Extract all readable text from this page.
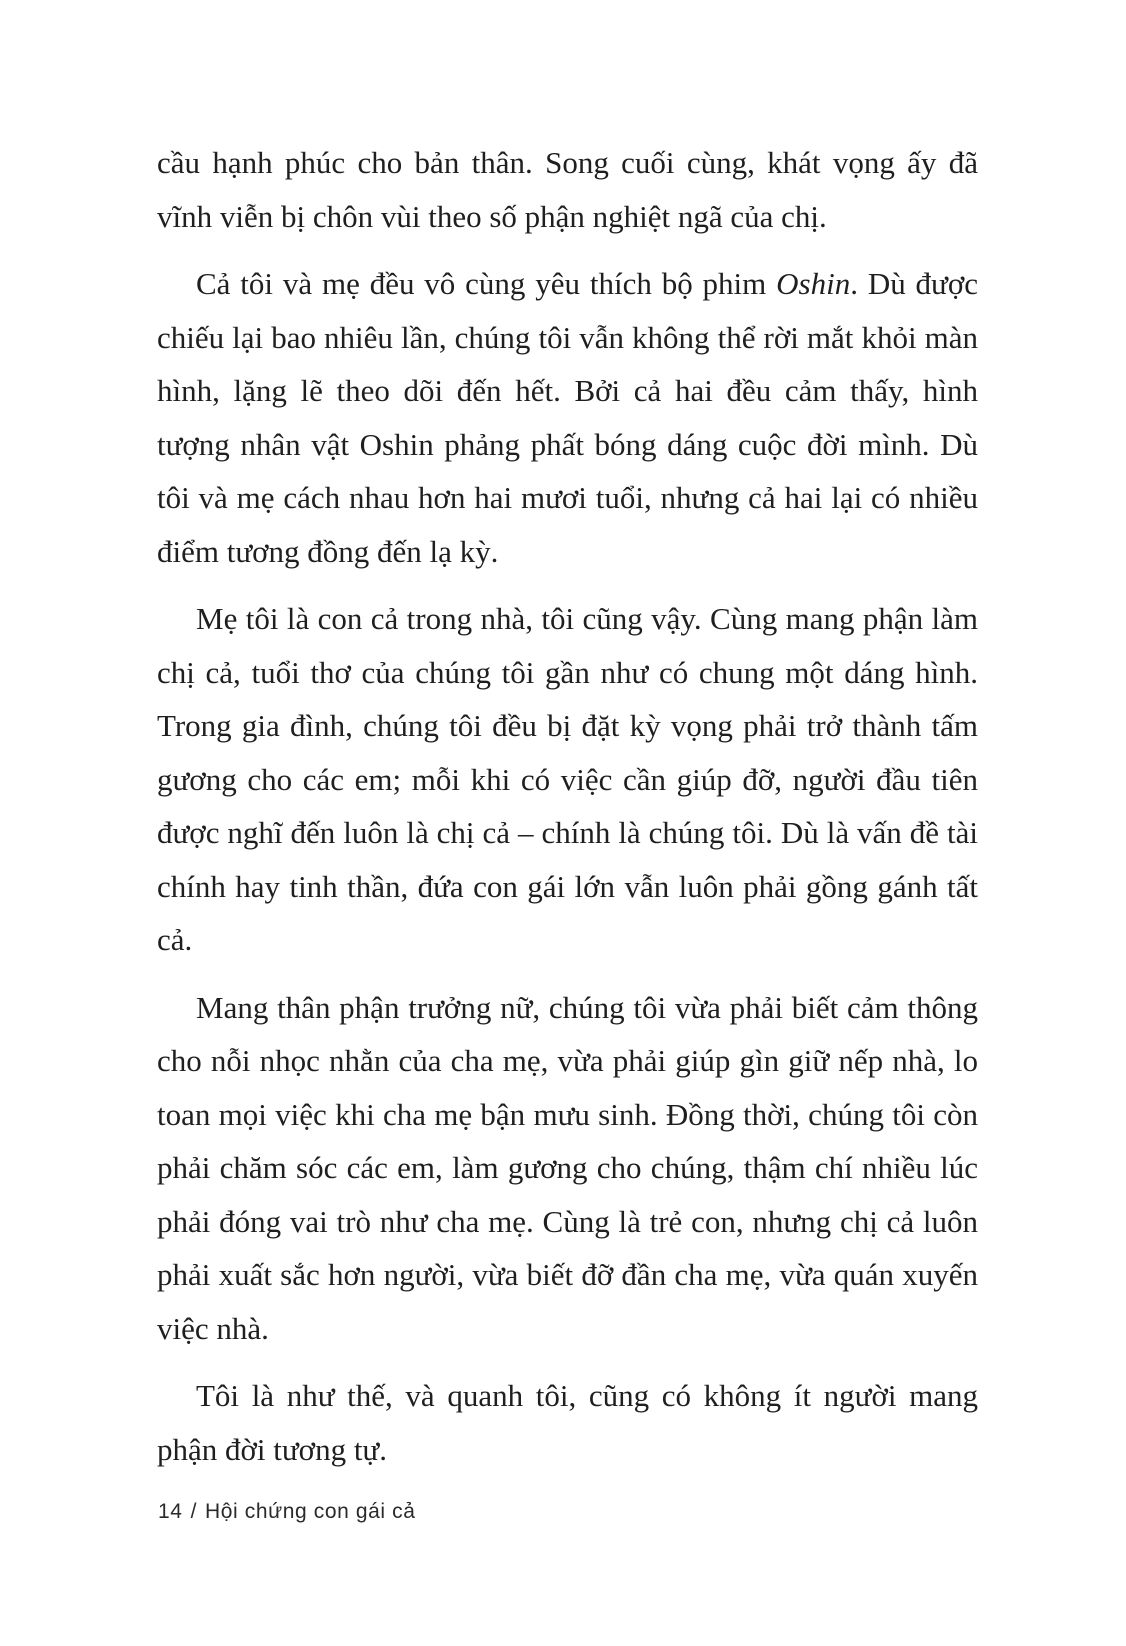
cầu hạnh phúc cho bản thân. Song cuối cùng, khát vọng ấy đã vĩnh viễn bị chôn vùi theo số phận nghiệt ngã của chị.

Cả tôi và mẹ đều vô cùng yêu thích bộ phim Oshin. Dù được chiếu lại bao nhiêu lần, chúng tôi vẫn không thể rời mắt khỏi màn hình, lặng lẽ theo dõi đến hết. Bởi cả hai đều cảm thấy, hình tượng nhân vật Oshin phảng phất bóng dáng cuộc đời mình. Dù tôi và mẹ cách nhau hơn hai mươi tuổi, nhưng cả hai lại có nhiều điểm tương đồng đến lạ kỳ.

Mẹ tôi là con cả trong nhà, tôi cũng vậy. Cùng mang phận làm chị cả, tuổi thơ của chúng tôi gần như có chung một dáng hình. Trong gia đình, chúng tôi đều bị đặt kỳ vọng phải trở thành tấm gương cho các em; mỗi khi có việc cần giúp đỡ, người đầu tiên được nghĩ đến luôn là chị cả – chính là chúng tôi. Dù là vấn đề tài chính hay tinh thần, đứa con gái lớn vẫn luôn phải gồng gánh tất cả.

Mang thân phận trưởng nữ, chúng tôi vừa phải biết cảm thông cho nỗi nhọc nhằn của cha mẹ, vừa phải giúp gìn giữ nếp nhà, lo toan mọi việc khi cha mẹ bận mưu sinh. Đồng thời, chúng tôi còn phải chăm sóc các em, làm gương cho chúng, thậm chí nhiều lúc phải đóng vai trò như cha mẹ. Cùng là trẻ con, nhưng chị cả luôn phải xuất sắc hơn người, vừa biết đỡ đần cha mẹ, vừa quán xuyến việc nhà.

Tôi là như thế, và quanh tôi, cũng có không ít người mang phận đời tương tự.

14 / Hội chứng con gái cả
